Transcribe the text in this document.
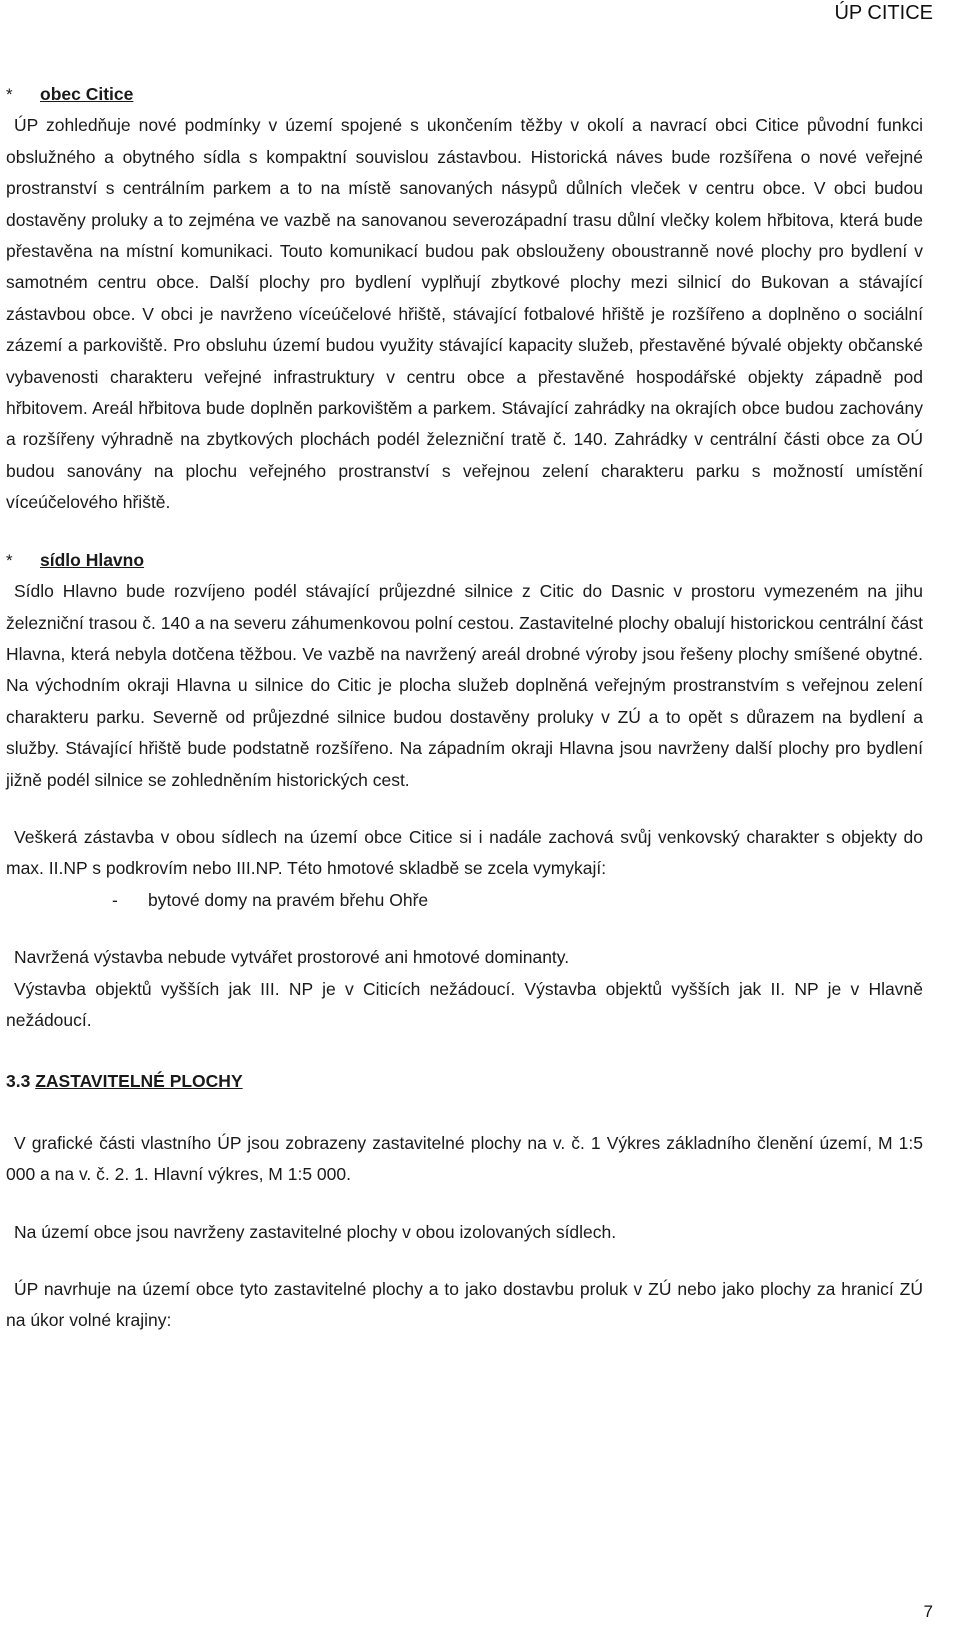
ÚP CITICE
* obec Citice

ÚP zohledňuje nové podmínky v území spojené s ukončením těžby v okolí a navrací obci Citice původní funkci obslužného a obytného sídla s kompaktní souvislou zástavbou. Historická náves bude rozšířena o nové veřejné prostranství s centrálním parkem a to na místě sanovaných násypů důlních vleček v centru obce. V obci budou dostavěny proluky a to zejména ve vazbě na sanovanou severozápadní trasu důlní vlečky kolem hřbitova, která bude přestavěna na místní komunikaci. Touto komunikací budou pak obslouženy oboustranně nové plochy pro bydlení v samotném centru obce. Další plochy pro bydlení vyplňují zbytkové plochy mezi silnicí do Bukovan a stávající zástavbou obce. V obci je navrženo víceúčelové hřiště, stávající fotbalové hřiště je rozšířeno a doplněno o sociální zázemí a parkoviště. Pro obsluhu území budou využity stávající kapacity služeb, přestavěné bývalé objekty občanské vybavenosti charakteru veřejné infrastruktury v centru obce a přestavěné hospodářské objekty západně pod hřbitovem. Areál hřbitova bude doplněn parkovištěm a parkem. Stávající zahrádky na okrajích obce budou zachovány a rozšířeny výhradně na zbytkových plochách podél železniční tratě č. 140. Zahrádky v centrální části obce za OÚ budou sanovány na plochu veřejného prostranství s veřejnou zelení charakteru parku s možností umístění víceúčelového hřiště.

* sídlo Hlavno

Sídlo Hlavno bude rozvíjeno podél stávající průjezdné silnice z Citic do Dasnic v prostoru vymezeném na jihu železniční trasou č. 140 a na severu záhumenkovou polní cestou. Zastavitelné plochy obalují historickou centrální část Hlavna, která nebyla dotčena těžbou. Ve vazbě na navržený areál drobné výroby jsou řešeny plochy smíšené obytné. Na východním okraji Hlavna u silnice do Citic je plocha služeb doplněná veřejným prostranstvím s veřejnou zelení charakteru parku. Severně od průjezdné silnice budou dostavěny proluky v ZÚ a to opět s důrazem na bydlení a služby. Stávající hřiště bude podstatně rozšířeno. Na západním okraji Hlavna jsou navrženy další plochy pro bydlení jižně podél silnice se zohledněním historických cest.

Veškerá zástavba v obou sídlech na území obce Citice si i nadále zachová svůj venkovský charakter s objekty do max. II.NP s podkrovím nebo III.NP. Této hmotové skladbě se zcela vymykají:

- bytové domy na pravém břehu Ohře

Navržená výstavba nebude vytvářet prostorové ani hmotové dominanty.

Výstavba objektů vyšších jak III. NP je v Citicích nežádoucí. Výstavba objektů vyšších jak II. NP je v Hlavně nežádoucí.

3.3 ZASTAVITELNÉ PLOCHY

V grafické části vlastního ÚP jsou zobrazeny zastavitelné plochy na v. č. 1 Výkres základního členění území, M 1:5 000 a na v. č. 2. 1. Hlavní výkres, M 1:5 000.

Na území obce jsou navrženy zastavitelné plochy v obou izolovaných sídlech.

ÚP navrhuje na území obce tyto zastavitelné plochy a to jako dostavbu proluk v ZÚ nebo jako plochy za hranicí ZÚ na úkor volné krajiny:

7
